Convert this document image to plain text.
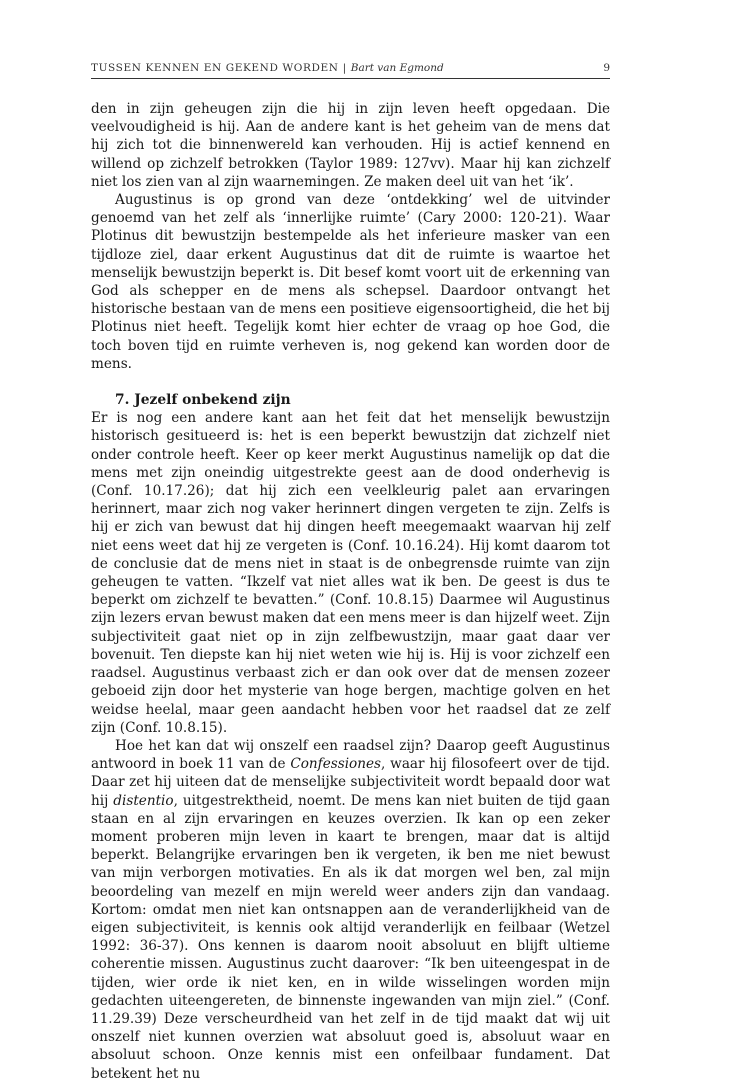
TUSSEN KENNEN EN GEKEND WORDEN | Bart van Egmond	9

den in zijn geheugen zijn die hij in zijn leven heeft opgedaan. Die veelvoudigheid is hij. Aan de andere kant is het geheim van de mens dat hij zich tot die binnenwereld kan verhouden. Hij is actief kennend en willend op zichzelf betrokken (Taylor 1989: 127vv). Maar hij kan zichzelf niet los zien van al zijn waarnemingen. Ze maken deel uit van het ‘ik’.

Augustinus is op grond van deze ‘ontdekking’ wel de uitvinder genoemd van het zelf als ‘innerlijke ruimte’ (Cary 2000: 120-21). Waar Plotinus dit bewustzijn bestempelde als het inferieure masker van een tijdloze ziel, daar erkent Augustinus dat dit de ruimte is waartoe het menselijk bewustzijn beperkt is. Dit besef komt voort uit de erkenning van God als schepper en de mens als schepsel. Daardoor ontvangt het historische bestaan van de mens een positieve eigensoortigheid, die het bij Plotinus niet heeft. Tegelijk komt hier echter de vraag op hoe God, die toch boven tijd en ruimte verheven is, nog gekend kan worden door de mens.

7. Jezelf onbekend zijn

Er is nog een andere kant aan het feit dat het menselijk bewustzijn historisch gesitueerd is: het is een beperkt bewustzijn dat zichzelf niet onder controle heeft. Keer op keer merkt Augustinus namelijk op dat die mens met zijn oneindig uitgestrekte geest aan de dood onderhevig is (Conf. 10.17.26); dat hij zich een veelkleurig palet aan ervaringen herinnert, maar zich nog vaker herinnert dingen vergeten te zijn. Zelfs is hij er zich van bewust dat hij dingen heeft meegemaakt waarvan hij zelf niet eens weet dat hij ze vergeten is (Conf. 10.16.24). Hij komt daarom tot de conclusie dat de mens niet in staat is de onbegrensde ruimte van zijn geheugen te vatten. “Ikzelf vat niet alles wat ik ben. De geest is dus te beperkt om zichzelf te bevatten.” (Conf. 10.8.15) Daarmee wil Augustinus zijn lezers ervan bewust maken dat een mens meer is dan hijzelf weet. Zijn subjectiviteit gaat niet op in zijn zelfbewustzijn, maar gaat daar ver bovenuit. Ten diepste kan hij niet weten wie hij is. Hij is voor zichzelf een raadsel. Augustinus verbaast zich er dan ook over dat de mensen zozeer geboeid zijn door het mysterie van hoge bergen, machtige golven en het weidse heelal, maar geen aandacht hebben voor het raadsel dat ze zelf zijn (Conf. 10.8.15).

Hoe het kan dat wij onszelf een raadsel zijn? Daarop geeft Augustinus antwoord in boek 11 van de Confessiones, waar hij filosofeert over de tijd. Daar zet hij uiteen dat de menselijke subjectiviteit wordt bepaald door wat hij distentio, uitgestrektheid, noemt. De mens kan niet buiten de tijd gaan staan en al zijn ervaringen en keuzes overzien. Ik kan op een zeker moment proberen mijn leven in kaart te brengen, maar dat is altijd beperkt. Belangrijke ervaringen ben ik vergeten, ik ben me niet bewust van mijn verborgen motivaties. En als ik dat morgen wel ben, zal mijn beoordeling van mezelf en mijn wereld weer anders zijn dan vandaag. Kortom: omdat men niet kan ontsnappen aan de veranderlijkheid van de eigen subjectiviteit, is kennis ook altijd veranderlijk en feilbaar (Wetzel 1992: 36-37). Ons kennen is daarom nooit absoluut en blijft ultieme coherentie missen. Augustinus zucht daarover: “Ik ben uiteengespat in de tijden, wier orde ik niet ken, en in wilde wisselingen worden mijn gedachten uiteengereten, de binnenste ingewanden van mijn ziel.” (Conf. 11.29.39) Deze verscheurdheid van het zelf in de tijd maakt dat wij uit onszelf niet kunnen overzien wat absoluut goed is, absoluut waar en absoluut schoon. Onze kennis mist een onfeilbaar fundament. Dat betekent het nu
